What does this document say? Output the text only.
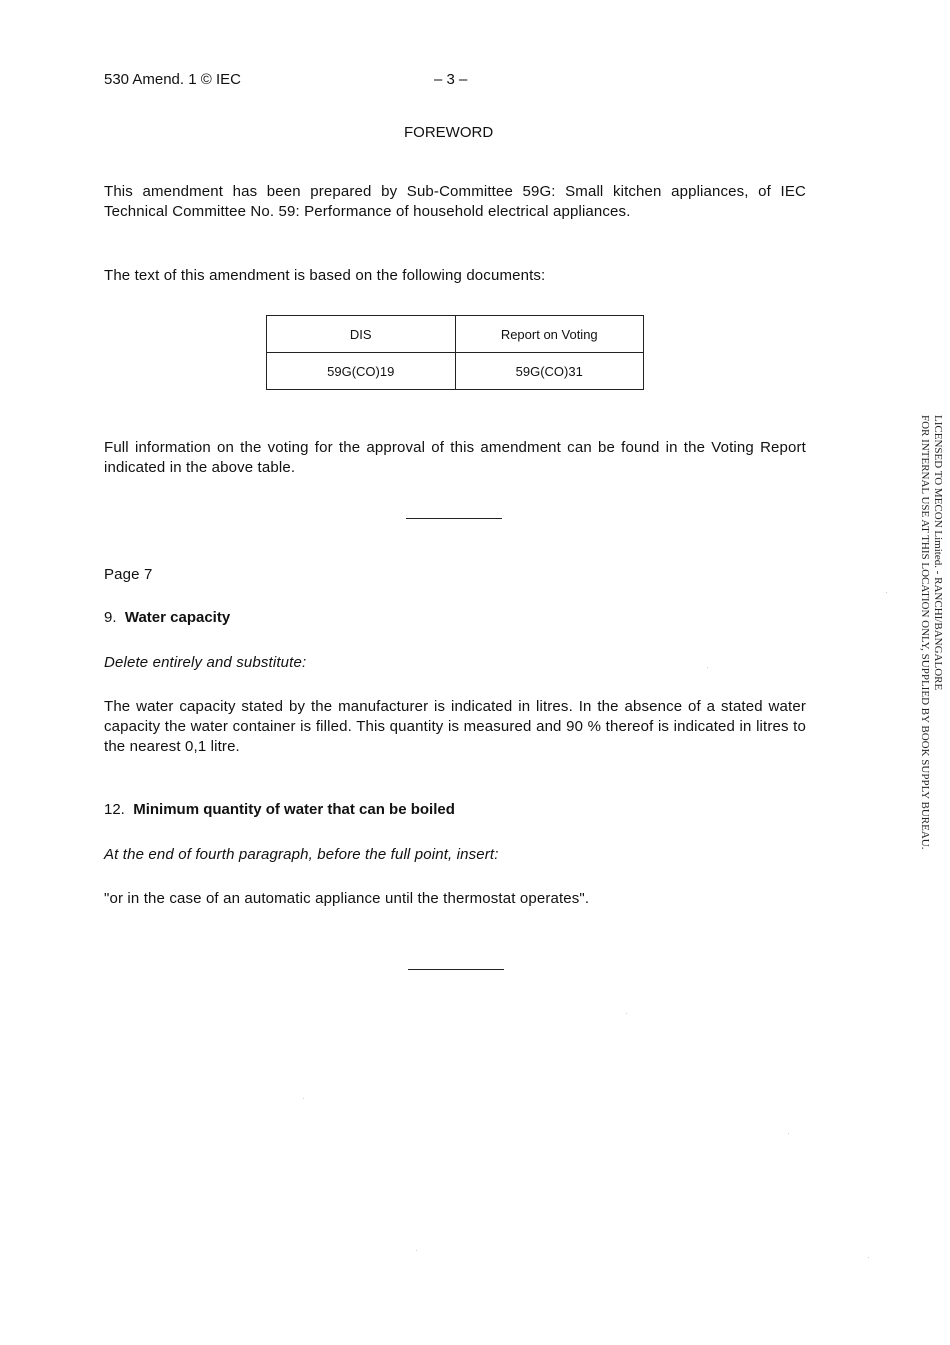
530 Amend. 1 © IEC	– 3 –
FOREWORD
This amendment has been prepared by Sub-Committee 59G: Small kitchen appliances, of IEC Technical Committee No. 59: Performance of household electrical appliances.
The text of this amendment is based on the following documents:
DIS	Report on Voting
59G(CO)19	59G(CO)31
Full information on the voting for the approval of this amendment can be found in the Voting Report indicated in the above table.
Page 7
9. Water capacity
Delete entirely and substitute:
The water capacity stated by the manufacturer is indicated in litres. In the absence of a stated water capacity the water container is filled. This quantity is measured and 90 % thereof is indicated in litres to the nearest 0,1 litre.
12. Minimum quantity of water that can be boiled
At the end of fourth paragraph, before the full point, insert:
"or in the case of an automatic appliance until the thermostat operates".
LICENSED TO MECON Limited. - RANCHI/BANGALORE
FOR INTERNAL USE AT THIS LOCATION ONLY, SUPPLIED BY BOOK SUPPLY BUREAU.
